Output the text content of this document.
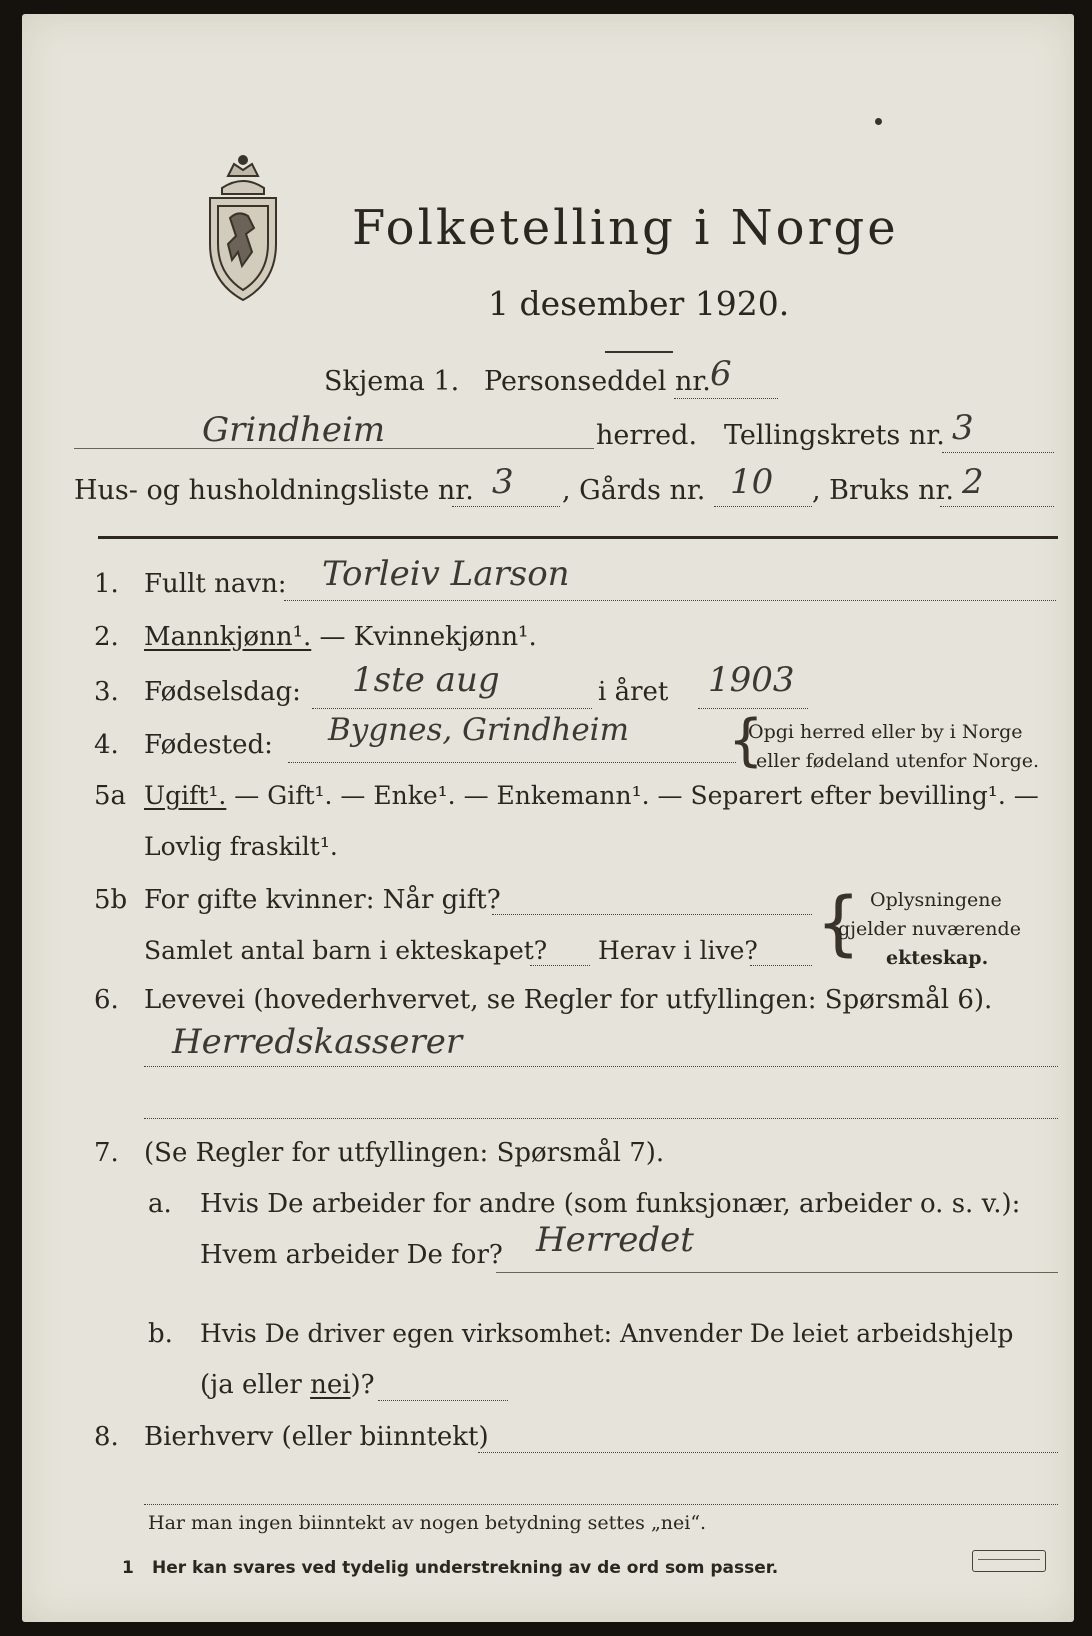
Folketelling i Norge
1 desember 1920.
Skjema 1. Personseddel nr. 6
Grindheim	herred. Tellingskrets nr. 3
Hus- og husholdningsliste nr. 3 , Gårds nr. 10 , Bruks nr. 2
1. Fullt navn: Torleiv Larson
2. Mannkjønn¹. — Kvinnekjønn¹.
3. Fødselsdag: 1ste aug	i året 1903
4. Fødested: Bygnes, Grindheim {
Opgi herred eller by i Norge
eller fødeland utenfor Norge.
5a Ugift¹. — Gift¹. — Enke¹. — Enkemann¹. — Separert efter bevilling¹. —
Lovlig fraskilt¹.
5b For gifte kvinner: Når gift?
Samlet antal barn i ekteskapet? Herav i live? { Oplysningene
gjelder nuværende
ekteskap.
6. Levevei (hovederhvervet, se Regler for utfyllingen: Spørsmål 6).
Herredskasserer
7. (Se Regler for utfyllingen: Spørsmål 7).
a. Hvis De arbeider for andre (som funksjonær, arbeider o. s. v.):
Hvem arbeider De for? Herredet
b. Hvis De driver egen virksomhet: Anvender De leiet arbeidshjelp
(ja eller nei)?
8. Bierhverv (eller biinntekt)
Har man ingen biinntekt av nogen betydning settes „nei“.
1 Her kan svares ved tydelig understrekning av de ord som passer.
